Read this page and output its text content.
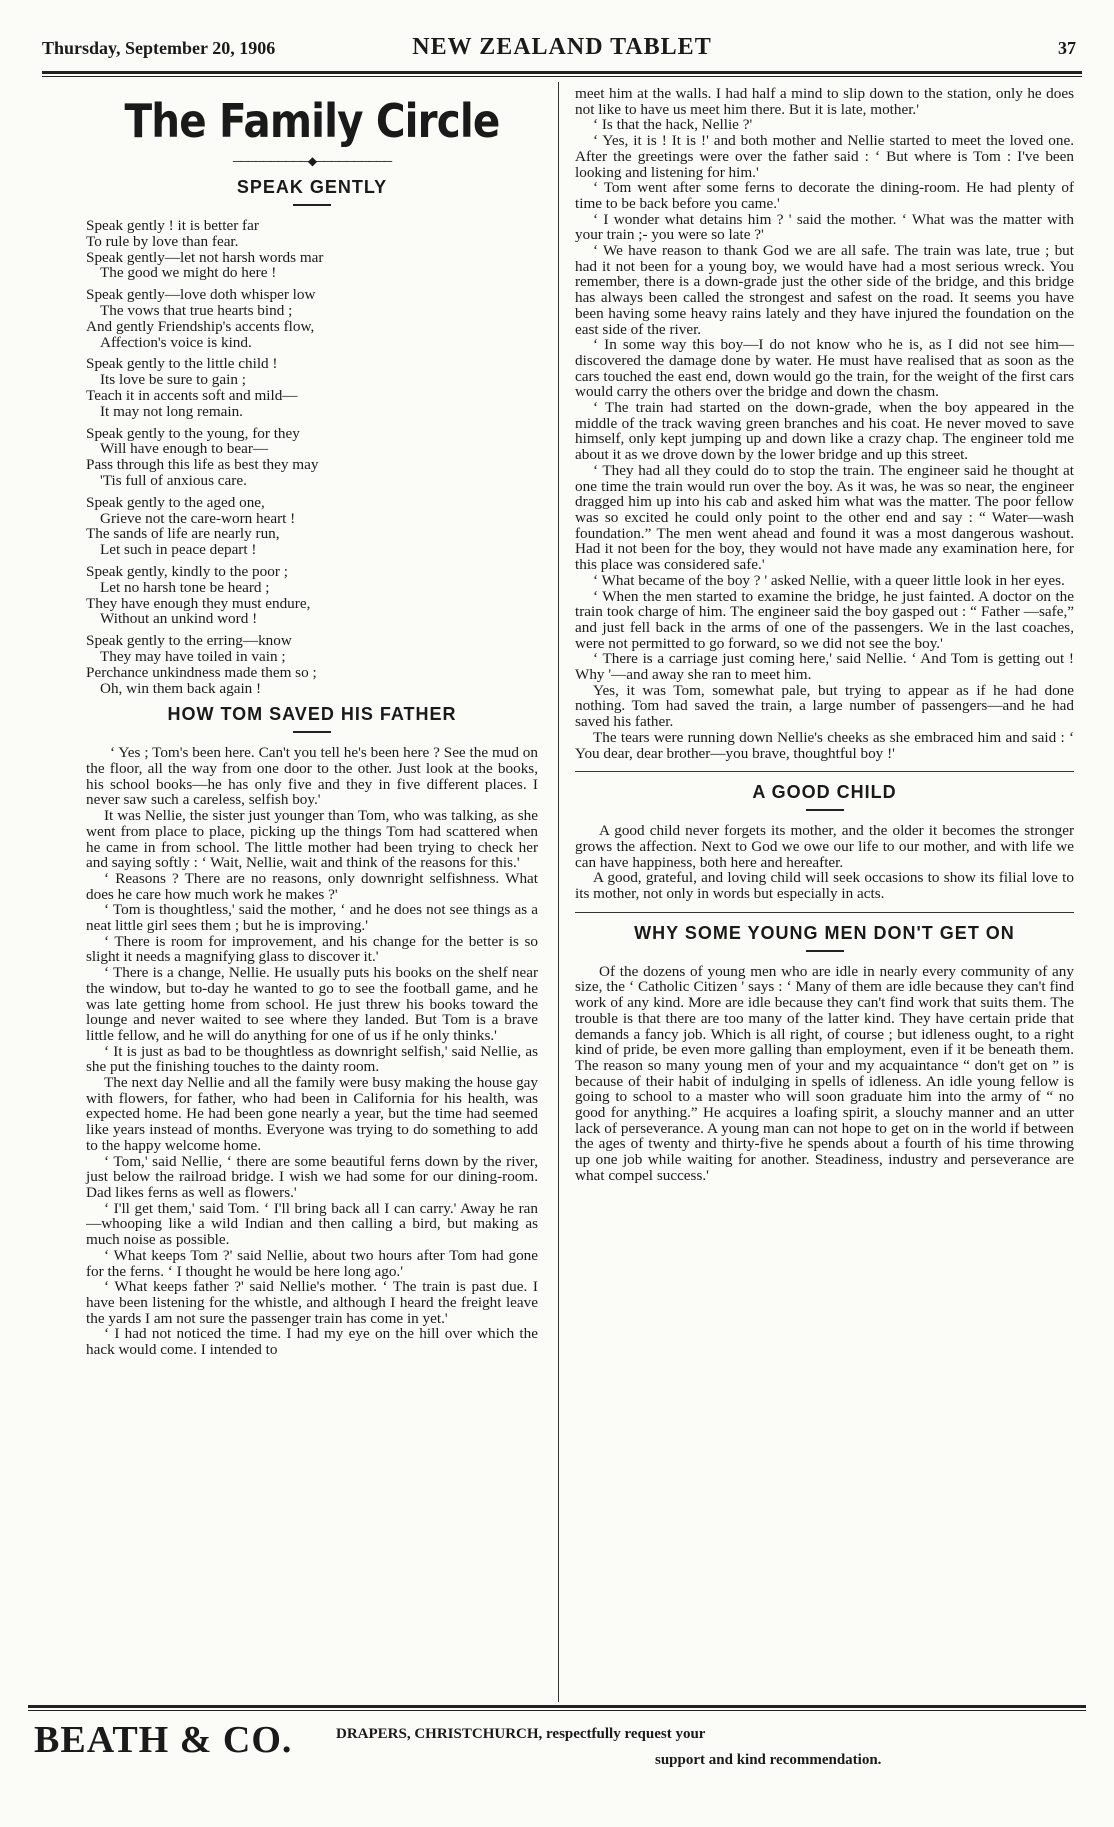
Thursday, September 20, 1906	NEW ZEALAND TABLET	37
The Family Circle
──────────◆──────────
SPEAK GENTLY
Speak gently ! it is better far
To rule by love than fear.
Speak gently—let not harsh words mar
The good we might do here !
Speak gently—love doth whisper low
The vows that true hearts bind ;
And gently Friendship's accents flow,
Affection's voice is kind.
Speak gently to the little child !
Its love be sure to gain ;
Teach it in accents soft and mild—
It may not long remain.
Speak gently to the young, for they
Will have enough to bear—
Pass through this life as best they may
'Tis full of anxious care.
Speak gently to the aged one,
Grieve not the care-worn heart !
The sands of life are nearly run,
Let such in peace depart !
Speak gently, kindly to the poor ;
Let no harsh tone be heard ;
They have enough they must endure,
Without an unkind word !
Speak gently to the erring—know
They may have toiled in vain ;
Perchance unkindness made them so ;
Oh, win them back again !
HOW TOM SAVED HIS FATHER

‘ Yes ; Tom's been here. Can't you tell he's been here ? See the mud on the floor, all the way from one door to the other. Just look at the books, his school books—he has only five and they in five different places. I never saw such a careless, selfish boy.'

It was Nellie, the sister just younger than Tom, who was talking, as she went from place to place, picking up the things Tom had scattered when he came in from school. The little mother had been trying to check her and saying softly : ‘ Wait, Nellie, wait and think of the reasons for this.'

‘ Reasons ? There are no reasons, only downright selfishness. What does he care how much work he makes ?'

‘ Tom is thoughtless,' said the mother, ‘ and he does not see things as a neat little girl sees them ; but he is improving.'

‘ There is room for improvement, and his change for the better is so slight it needs a magnifying glass to discover it.'

‘ There is a change, Nellie. He usually puts his books on the shelf near the window, but to-day he wanted to go to see the football game, and he was late getting home from school. He just threw his books toward the lounge and never waited to see where they landed. But Tom is a brave little fellow, and he will do anything for one of us if he only thinks.'

‘ It is just as bad to be thoughtless as downright selfish,' said Nellie, as she put the finishing touches to the dainty room.

The next day Nellie and all the family were busy making the house gay with flowers, for father, who had been in California for his health, was expected home. He had been gone nearly a year, but the time had seemed like years instead of months. Everyone was trying to do something to add to the happy welcome home.

‘ Tom,' said Nellie, ‘ there are some beautiful ferns down by the river, just below the railroad bridge. I wish we had some for our dining-room. Dad likes ferns as well as flowers.'

‘ I'll get them,' said Tom. ‘ I'll bring back all I can carry.' Away he ran—whooping like a wild Indian and then calling a bird, but making as much noise as possible.

‘ What keeps Tom ?' said Nellie, about two hours after Tom had gone for the ferns. ‘ I thought he would be here long ago.'

‘ What keeps father ?' said Nellie's mother. ‘ The train is past due. I have been listening for the whistle, and although I heard the freight leave the yards I am not sure the passenger train has come in yet.'

‘ I had not noticed the time. I had my eye on the hill over which the hack would come. I intended to

meet him at the walls. I had half a mind to slip down to the station, only he does not like to have us meet him there. But it is late, mother.'

‘ Is that the hack, Nellie ?'

‘ Yes, it is ! It is !' and both mother and Nellie started to meet the loved one. After the greetings were over the father said : ‘ But where is Tom : I've been looking and listening for him.'

‘ Tom went after some ferns to decorate the dining-room. He had plenty of time to be back before you came.'

‘ I wonder what detains him ? ' said the mother. ‘ What was the matter with your train ;- you were so late ?'

‘ We have reason to thank God we are all safe. The train was late, true ; but had it not been for a young boy, we would have had a most serious wreck. You remember, there is a down-grade just the other side of the bridge, and this bridge has always been called the strongest and safest on the road. It seems you have been having some heavy rains lately and they have injured the foundation on the east side of the river.

‘ In some way this boy—I do not know who he is, as I did not see him—discovered the damage done by water. He must have realised that as soon as the cars touched the east end, down would go the train, for the weight of the first cars would carry the others over the bridge and down the chasm.

‘ The train had started on the down-grade, when the boy appeared in the middle of the track waving green branches and his coat. He never moved to save himself, only kept jumping up and down like a crazy chap. The engineer told me about it as we drove down by the lower bridge and up this street.

‘ They had all they could do to stop the train. The engineer said he thought at one time the train would run over the boy. As it was, he was so near, the engineer dragged him up into his cab and asked him what was the matter. The poor fellow was so excited he could only point to the other end and say : “ Water—wash foundation.” The men went ahead and found it was a most dangerous washout. Had it not been for the boy, they would not have made any examination here, for this place was considered safe.'

‘ What became of the boy ? ' asked Nellie, with a queer little look in her eyes.

‘ When the men started to examine the bridge, he just fainted. A doctor on the train took charge of him. The engineer said the boy gasped out : “ Father —safe,” and just fell back in the arms of one of the passengers. We in the last coaches, were not permitted to go forward, so we did not see the boy.'

‘ There is a carriage just coming here,' said Nellie. ‘ And Tom is getting out ! Why '—and away she ran to meet him.

Yes, it was Tom, somewhat pale, but trying to appear as if he had done nothing. Tom had saved the train, a large number of passengers—and he had saved his father.

The tears were running down Nellie's cheeks as she embraced him and said : ‘ You dear, dear brother—you brave, thoughtful boy !'

A GOOD CHILD

A good child never forgets its mother, and the older it becomes the stronger grows the affection. Next to God we owe our life to our mother, and with life we can have happiness, both here and hereafter.

A good, grateful, and loving child will seek occasions to show its filial love to its mother, not only in words but especially in acts.

WHY SOME YOUNG MEN DON'T GET ON

Of the dozens of young men who are idle in nearly every community of any size, the ‘ Catholic Citizen ' says : ‘ Many of them are idle because they can't find work of any kind. More are idle because they can't find work that suits them. The trouble is that there are too many of the latter kind. They have certain pride that demands a fancy job. Which is all right, of course ; but idleness ought, to a right kind of pride, be even more galling than employment, even if it be beneath them. The reason so many young men of your and my acquaintance “ don't get on ” is because of their habit of indulging in spells of idleness. An idle young fellow is going to school to a master who will soon graduate him into the army of “ no good for anything.” He acquires a loafing spirit, a slouchy manner and an utter lack of perseverance. A young man can not hope to get on in the world if between the ages of twenty and thirty-five he spends about a fourth of his time throwing up one job while waiting for another. Steadiness, industry and perseverance are what compel success.'

BEATH & CO.	DRAPERS, CHRISTCHURCH, respectfully request your
support and kind recommendation.
